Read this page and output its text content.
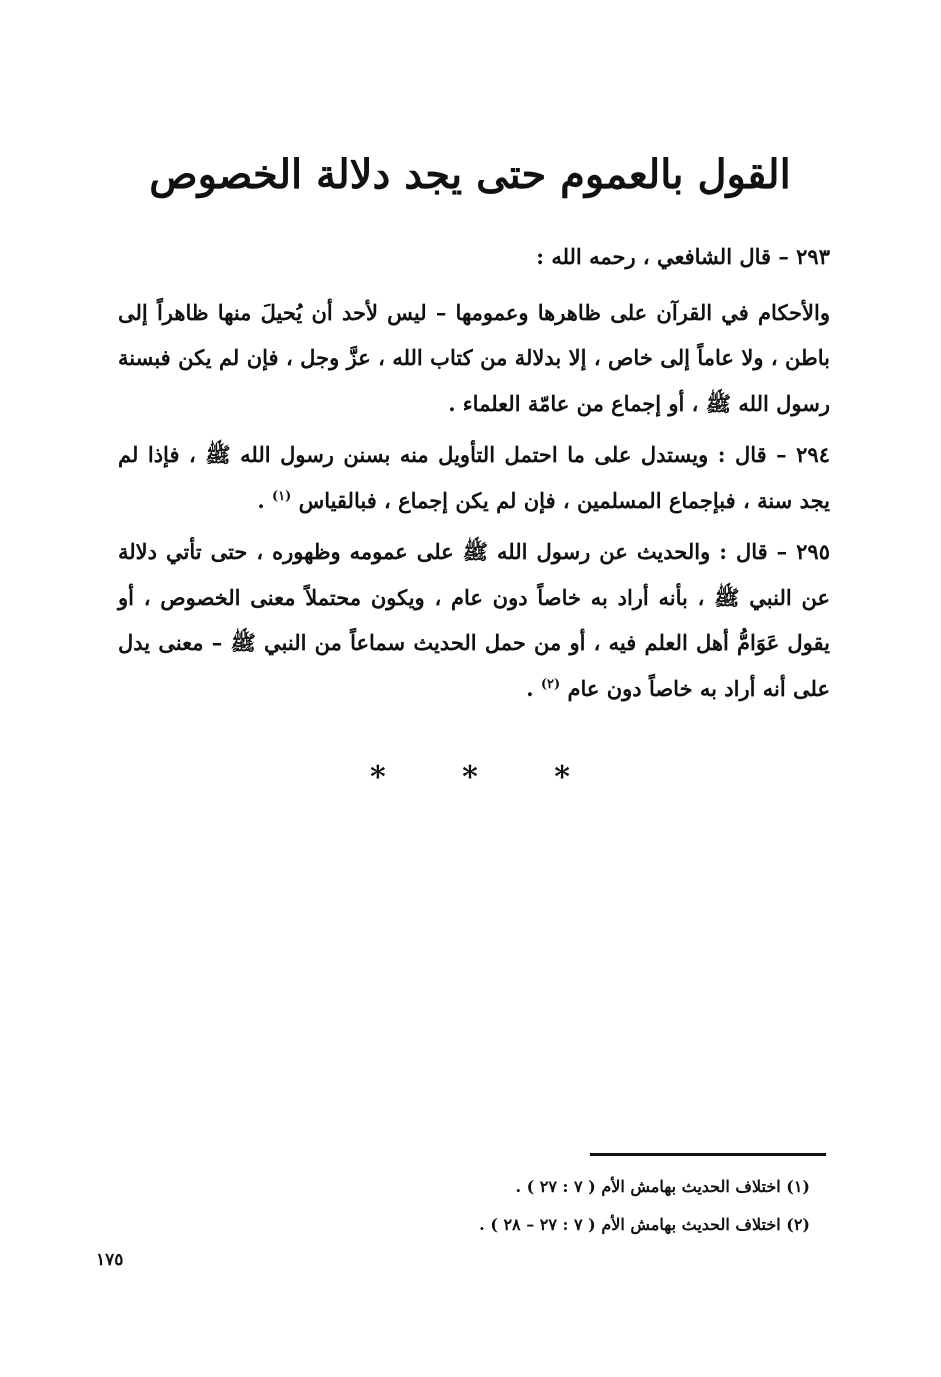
القول بالعموم حتى يجد دلالة الخصوص

٢٩٣ – قال الشافعي ، رحمه الله :

والأحكام في القرآن على ظاهرها وعمومها – ليس لأحد أن يُحيلَ منها ظاهراً إلى باطن ، ولا عاماً إلى خاص ، إلا بدلالة من كتاب الله ، عزَّ وجل ، فإن لم يكن فبسنة رسول الله ﷺ ، أو إجماع من عامّة العلماء .

٢٩٤ – قال : ويستدل على ما احتمل التأويل منه بسنن رسول الله ﷺ ، فإذا لم يجد سنة ، فبإجماع المسلمين ، فإن لم يكن إجماع ، فبالقياس $^{(١)}$ .

٢٩٥ – قال : والحديث عن رسول الله ﷺ على عمومه وظهوره ، حتى تأتي دلالة عن النبي ﷺ ، بأنه أراد به خاصاً دون عام ، ويكون محتملاً معنى الخصوص ، أو يقول عَوَامُّ أهل العلم فيه ، أو من حمل الحديث سماعاً من النبي ﷺ – معنى يدل على أنه أراد به خاصاً دون عام $^{(٢)}$ .

*	*	*

(١) اختلاف الحديث بهامش الأم ( ٧ : ٢٧ ) .

(٢) اختلاف الحديث بهامش الأم ( ٧ : ٢٧ – ٢٨ ) .

١٧٥
